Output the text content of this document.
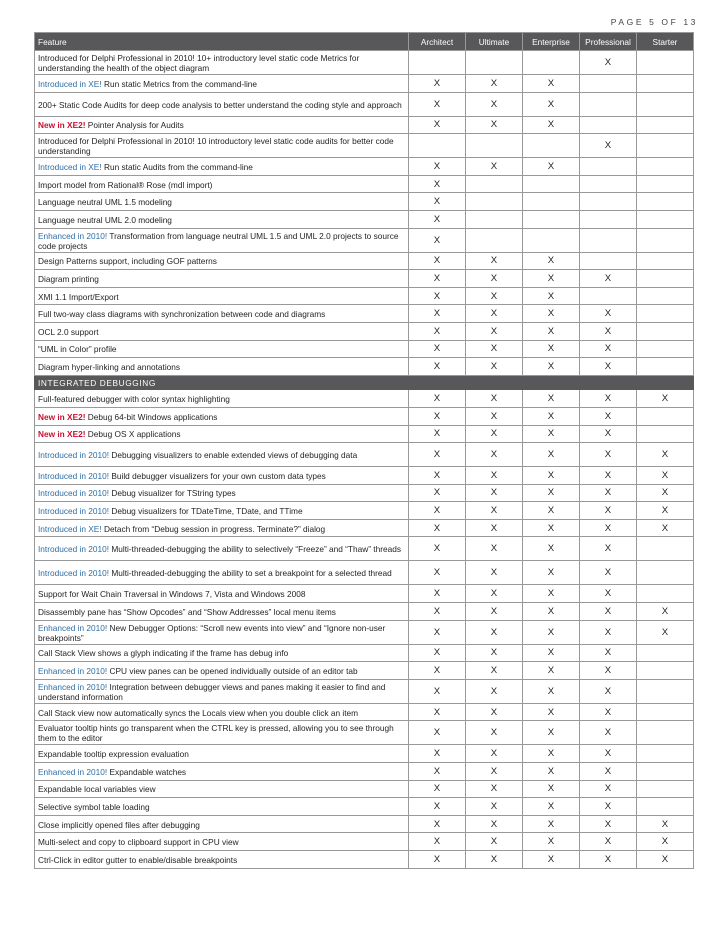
PAGE 5 OF 13
Feature	Architect	Ultimate	Enterprise	Professional	Starter
Introduced for Delphi Professional in 2010! 10+ introductory level static code Metrics for understanding the health of the object diagram				X	
Introduced in XE! Run static Metrics from the command-line	X	X	X		
200+ Static Code Audits for deep code analysis to better understand the coding style and approach	X	X	X		
New in XE2! Pointer Analysis for Audits	X	X	X		
Introduced for Delphi Professional in 2010! 10 introductory level static code audits for better code understanding				X	
Introduced in XE! Run static Audits from the command-line	X	X	X		
Import model from Rational® Rose (mdl import)	X				
Language neutral UML 1.5 modeling	X				
Language neutral UML 2.0 modeling	X				
Enhanced in 2010! Transformation from language neutral UML 1.5 and UML 2.0 projects to source code projects	X				
Design Patterns support, including GOF patterns	X	X	X		
Diagram printing	X	X	X	X	
XMI 1.1 Import/Export	X	X	X		
Full two-way class diagrams with synchronization between code and diagrams	X	X	X	X	
OCL 2.0 support	X	X	X	X	
“UML in Color” profile	X	X	X	X	
Diagram hyper-linking and annotations	X	X	X	X	
INTEGRATED DEBUGGING					
Full-featured debugger with color syntax highlighting	X	X	X	X	X
New in XE2! Debug 64-bit Windows applications	X	X	X	X	
New in XE2! Debug OS X applications	X	X	X	X	
Introduced in 2010! Debugging visualizers to enable extended views of debugging data	X	X	X	X	X
Introduced in 2010! Build debugger visualizers for your own custom data types	X	X	X	X	X
Introduced in 2010! Debug visualizer for TString types	X	X	X	X	X
Introduced in 2010! Debug visualizers for TDateTime, TDate, and TTime	X	X	X	X	X
Introduced in XE! Detach from “Debug session in progress. Terminate?” dialog	X	X	X	X	X
Introduced in 2010! Multi-threaded-debugging the ability to selectively “Freeze” and “Thaw” threads	X	X	X	X	
Introduced in 2010! Multi-threaded-debugging the ability to set a breakpoint for a selected thread	X	X	X	X	
Support for Wait Chain Traversal in Windows 7, Vista and Windows 2008	X	X	X	X	
Disassembly pane has “Show Opcodes” and “Show Addresses” local menu items	X	X	X	X	X
Enhanced in 2010! New Debugger Options: “Scroll new events into view” and “Ignore non-user breakpoints”	X	X	X	X	X
Call Stack View shows a glyph indicating if the frame has debug info	X	X	X	X	
Enhanced in 2010! CPU view panes can be opened individually outside of an editor tab	X	X	X	X	
Enhanced in 2010! Integration between debugger views and panes making it easier to find and understand information	X	X	X	X	
Call Stack view now automatically syncs the Locals view when you double click an item	X	X	X	X	
Evaluator tooltip hints go transparent when the CTRL key is pressed, allowing you to see through them to the editor	X	X	X	X	
Expandable tooltip expression evaluation	X	X	X	X	
Enhanced in 2010! Expandable watches	X	X	X	X	
Expandable local variables view	X	X	X	X	
Selective symbol table loading	X	X	X	X	
Close implicitly opened files after debugging	X	X	X	X	X
Multi-select and copy to clipboard support in CPU view	X	X	X	X	X
Ctrl-Click in editor gutter to enable/disable breakpoints	X	X	X	X	X
